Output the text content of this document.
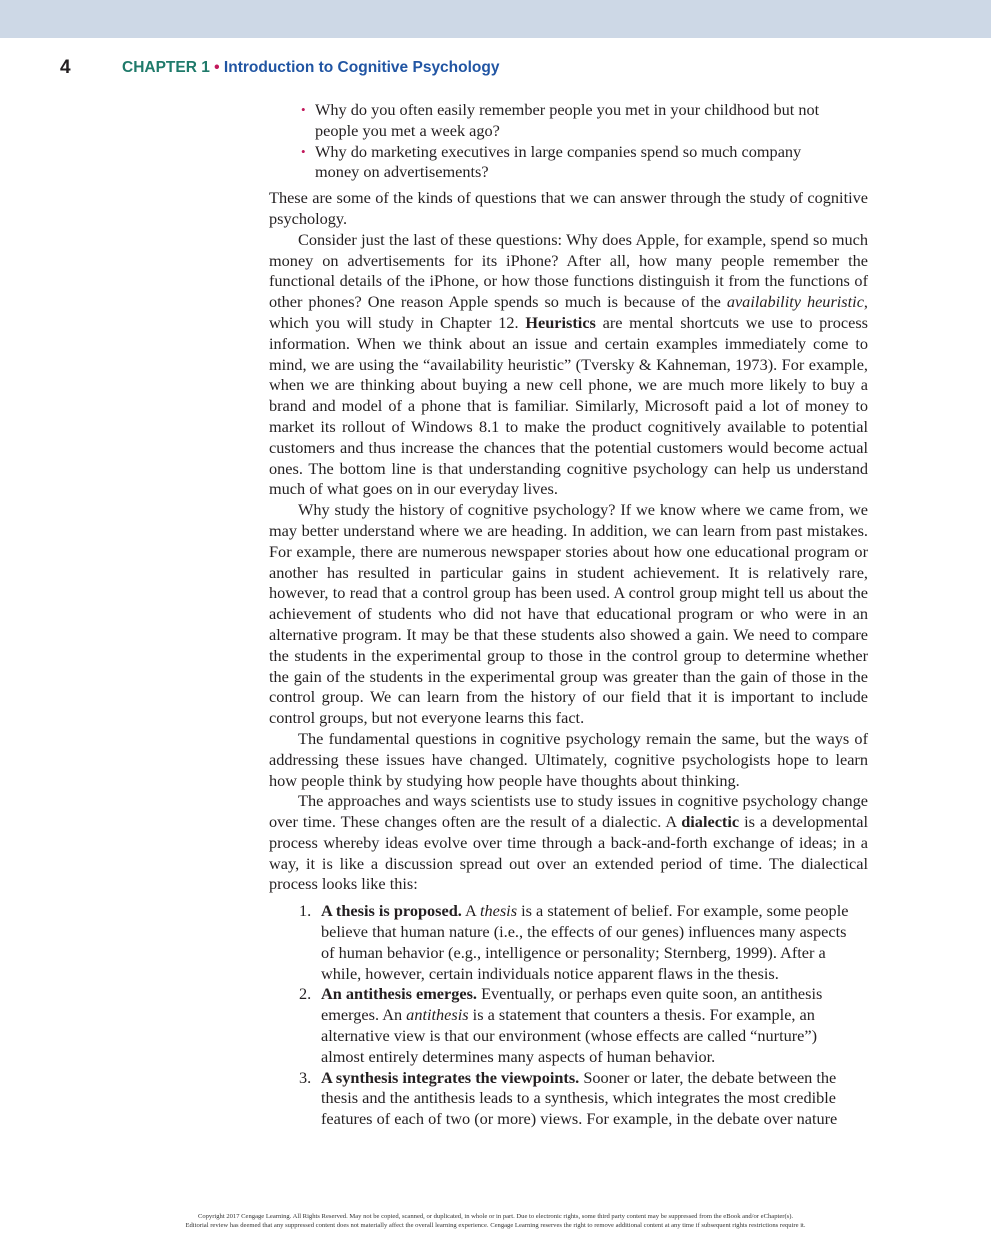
4	CHAPTER 1 • Introduction to Cognitive Psychology
• Why do you often easily remember people you met in your childhood but not people you met a week ago?
• Why do marketing executives in large companies spend so much company money on advertisements?

These are some of the kinds of questions that we can answer through the study of cognitive psychology.

Consider just the last of these questions: Why does Apple, for example, spend so much money on advertisements for its iPhone? After all, how many people remember the functional details of the iPhone, or how those functions distinguish it from the functions of other phones? One reason Apple spends so much is because of the availability heuristic, which you will study in Chapter 12. Heuristics are mental shortcuts we use to process information. When we think about an issue and certain examples immediately come to mind, we are using the “availability heuristic” (Tversky & Kahneman, 1973). For example, when we are thinking about buying a new cell phone, we are much more likely to buy a brand and model of a phone that is familiar. Similarly, Microsoft paid a lot of money to market its rollout of Windows 8.1 to make the product cognitively available to potential customers and thus increase the chances that the potential customers would become actual ones. The bottom line is that understanding cognitive psychology can help us understand much of what goes on in our everyday lives.

Why study the history of cognitive psychology? If we know where we came from, we may better understand where we are heading. In addition, we can learn from past mistakes. For example, there are numerous newspaper stories about how one educational program or another has resulted in particular gains in student achievement. It is relatively rare, however, to read that a control group has been used. A control group might tell us about the achievement of students who did not have that educational program or who were in an alternative program. It may be that these students also showed a gain. We need to compare the students in the experimental group to those in the control group to determine whether the gain of the students in the experimental group was greater than the gain of those in the control group. We can learn from the history of our field that it is important to include control groups, but not everyone learns this fact.

The fundamental questions in cognitive psychology remain the same, but the ways of addressing these issues have changed. Ultimately, cognitive psychologists hope to learn how people think by studying how people have thoughts about thinking.

The approaches and ways scientists use to study issues in cognitive psychology change over time. These changes often are the result of a dialectic. A dialectic is a developmental process whereby ideas evolve over time through a back-and-forth exchange of ideas; in a way, it is like a discussion spread out over an extended period of time. The dialectical process looks like this:

1. A thesis is proposed. A thesis is a statement of belief. For example, some people believe that human nature (i.e., the effects of our genes) influences many aspects of human behavior (e.g., intelligence or personality; Sternberg, 1999). After a while, however, certain individuals notice apparent flaws in the thesis.
2. An antithesis emerges. Eventually, or perhaps even quite soon, an antithesis emerges. An antithesis is a statement that counters a thesis. For example, an alternative view is that our environment (whose effects are called “nurture”) almost entirely determines many aspects of human behavior.
3. A synthesis integrates the viewpoints. Sooner or later, the debate between the thesis and the antithesis leads to a synthesis, which integrates the most credible features of each of two (or more) views. For example, in the debate over nature
Copyright 2017 Cengage Learning. All Rights Reserved. May not be copied, scanned, or duplicated, in whole or in part. Due to electronic rights, some third party content may be suppressed from the eBook and/or eChapter(s).
Editorial review has deemed that any suppressed content does not materially affect the overall learning experience. Cengage Learning reserves the right to remove additional content at any time if subsequent rights restrictions require it.
